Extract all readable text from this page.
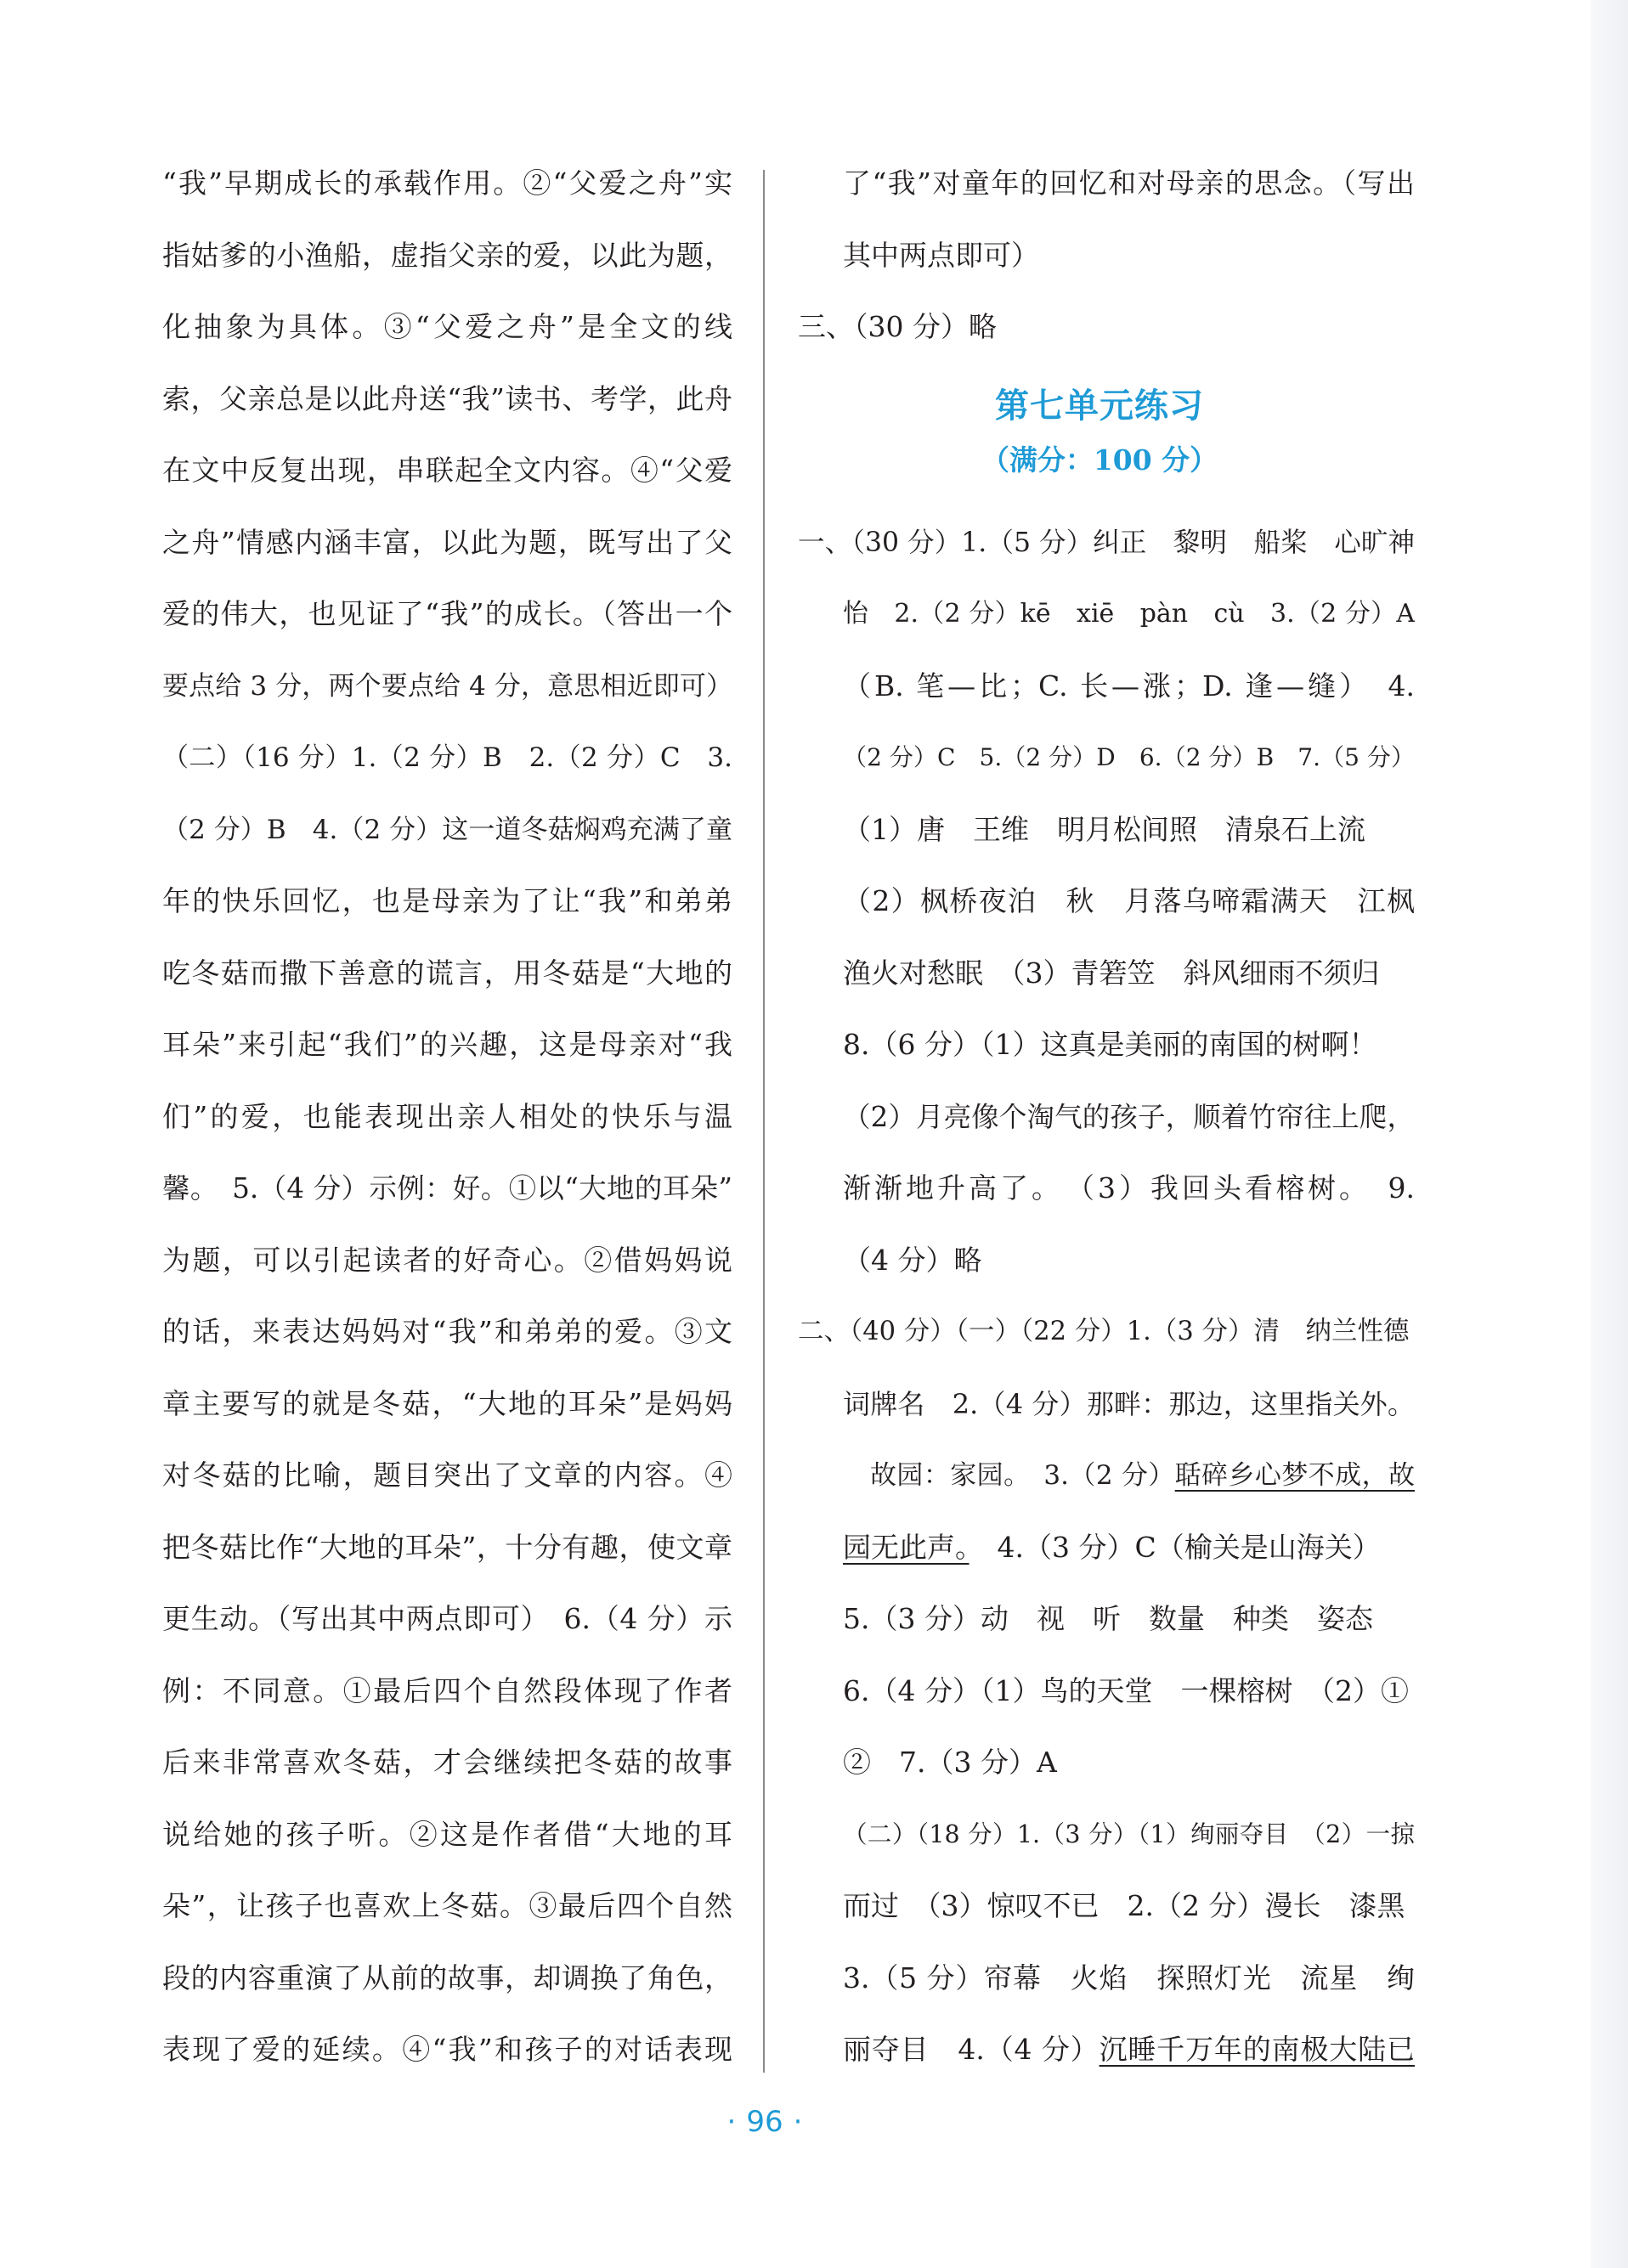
“我”早期成长的承载作用。②“父爱之舟”实
指姑爹的小渔船，虚指父亲的爱，以此为题，
化抽象为具体。③“父爱之舟”是全文的线
索，父亲总是以此舟送“我”读书、考学，此舟
在文中反复出现，串联起全文内容。④“父爱
之舟”情感内涵丰富，以此为题，既写出了父
爱的伟大，也见证了“我”的成长。（答出一个
要点给 3 分，两个要点给 4 分，意思相近即可）
（二）（16 分）1.（2 分）B　2.（2 分）C　3.
（2 分）B　4.（2 分）这一道冬菇焖鸡充满了童
年的快乐回忆，也是母亲为了让“我”和弟弟
吃冬菇而撒下善意的谎言，用冬菇是“大地的
耳朵”来引起“我们”的兴趣，这是母亲对“我
们”的爱，也能表现出亲人相处的快乐与温
馨。　5.（4 分）示例：好。①以“大地的耳朵”
为题，可以引起读者的好奇心。②借妈妈说
的话，来表达妈妈对“我”和弟弟的爱。③文
章主要写的就是冬菇，“大地的耳朵”是妈妈
对冬菇的比喻，题目突出了文章的内容。④
把冬菇比作“大地的耳朵”，十分有趣，使文章
更生动。（写出其中两点即可）　6.（4 分）示
例：不同意。①最后四个自然段体现了作者
后来非常喜欢冬菇，才会继续把冬菇的故事
说给她的孩子听。②这是作者借“大地的耳
朵”，让孩子也喜欢上冬菇。③最后四个自然
段的内容重演了从前的故事，却调换了角色，
表现了爱的延续。④“我”和孩子的对话表现
了“我”对童年的回忆和对母亲的思念。（写出
其中两点即可）
三、（30 分）略
第七单元练习
（满分：100 分）
一、（30 分）1.（5 分）纠正　黎明　船桨　心旷神
怡　2.（2 分）kē　xiē　pàn　cù　3.（2 分）A
（B. 笔—比；C. 长—涨；D. 逢—缝）　4.
（2 分）C　5.（2 分）D　6.（2 分）B　7.（5 分）
（1）唐　王维　明月松间照　清泉石上流
（2）枫桥夜泊　秋　月落乌啼霜满天　江枫
渔火对愁眠　（3）青箬笠　斜风细雨不须归
8.（6 分）（1）这真是美丽的南国的树啊！
（2）月亮像个淘气的孩子，顺着竹帘往上爬，
渐渐地升高了。　（3）我回头看榕树。　9.
（4 分）略
二、（40 分）（一）（22 分）1.（3 分）清　纳兰性德
词牌名　2.（4 分）那畔：那边，这里指关外。
故园：家园。　3.（2 分）聒碎乡心梦不成，故
园无此声。　4.（3 分）C（榆关是山海关）
5.（3 分）动　视　听　数量　种类　姿态
6.（4 分）（1）鸟的天堂　一棵榕树　（2）①
②　7.（3 分）A
（二）（18 分）1.（3 分）（1）绚丽夺目　（2）一掠
而过　（3）惊叹不已　2.（2 分）漫长　漆黑
3.（5 分）帘幕　火焰　探照灯光　流星　绚
丽夺目　4.（4 分）沉睡千万年的南极大陆已
· 96 ·
